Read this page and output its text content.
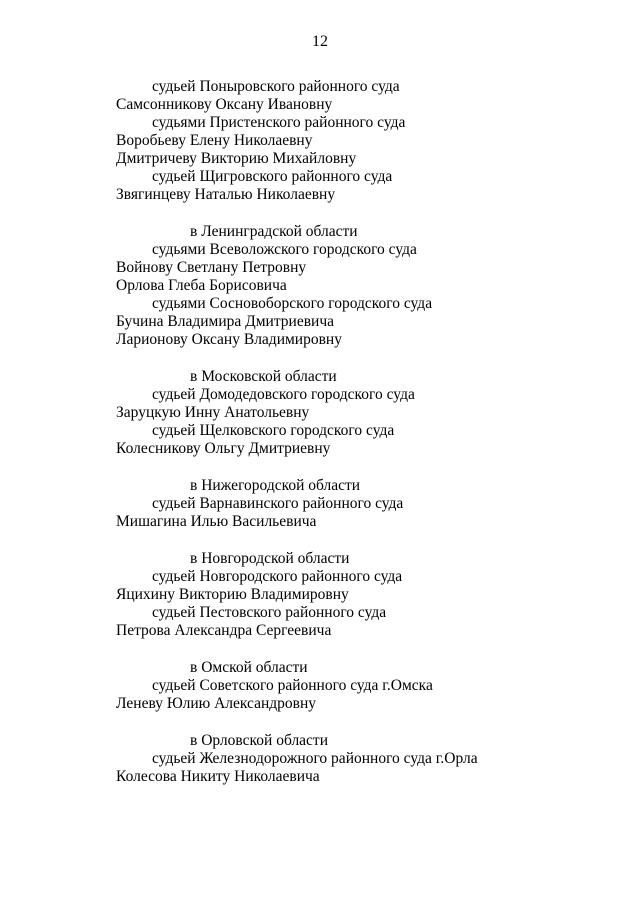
12
судьей Поныровского районного суда
Самсонникову Оксану Ивановну
судьями Пристенского районного суда
Воробьеву Елену Николаевну
Дмитричеву Викторию Михайловну
судьей Щигровского районного суда
Звягинцеву Наталью Николаевну
в Ленинградской области
судьями Всеволожского городского суда
Войнову Светлану Петровну
Орлова Глеба Борисовича
судьями Сосновоборского городского суда
Бучина Владимира Дмитриевича
Ларионову Оксану Владимировну
в Московской области
судьей Домодедовского городского суда
Заруцкую Инну Анатольевну
судьей Щелковского городского суда
Колесникову Ольгу Дмитриевну
в Нижегородской области
судьей Варнавинского районного суда
Мишагина Илью Васильевича
в Новгородской области
судьей Новгородского районного суда
Яцихину Викторию Владимировну
судьей Пестовского районного суда
Петрова Александра Сергеевича
в Омской области
судьей Советского районного суда г.Омска
Леневу Юлию Александровну
в Орловской области
судьей Железнодорожного районного суда г.Орла
Колесова Никиту Николаевича
